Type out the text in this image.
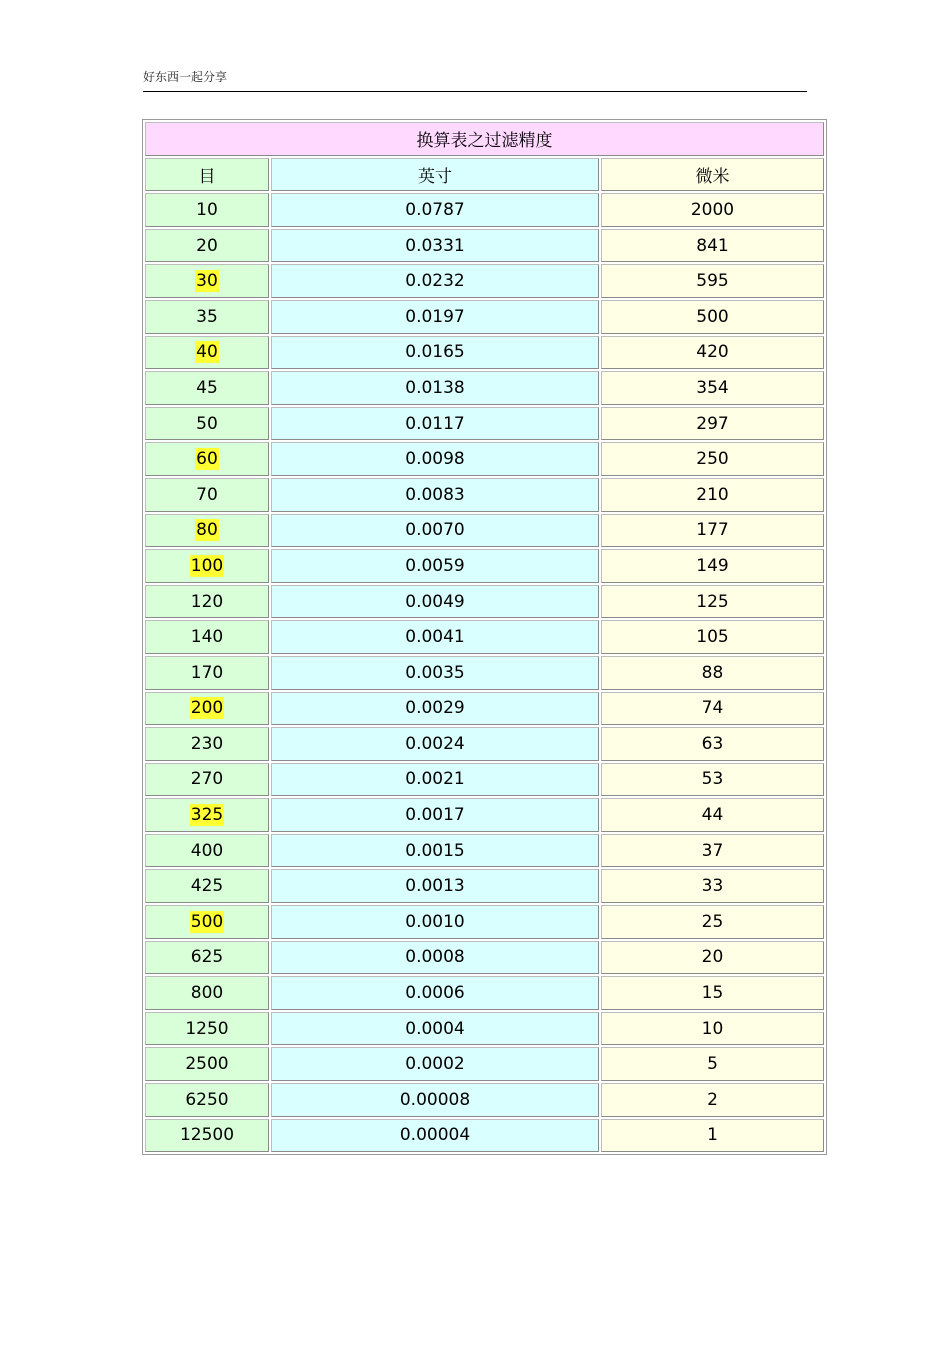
好东西一起分享
换算表之过滤精度		
目	英寸	微米
10	0.0787	2000
20	0.0331	841
30	0.0232	595
35	0.0197	500
40	0.0165	420
45	0.0138	354
50	0.0117	297
60	0.0098	250
70	0.0083	210
80	0.0070	177
100	0.0059	149
120	0.0049	125
140	0.0041	105
170	0.0035	88
200	0.0029	74
230	0.0024	63
270	0.0021	53
325	0.0017	44
400	0.0015	37
425	0.0013	33
500	0.0010	25
625	0.0008	20
800	0.0006	15
1250	0.0004	10
2500	0.0002	5
6250	0.00008	2
12500	0.00004	1
